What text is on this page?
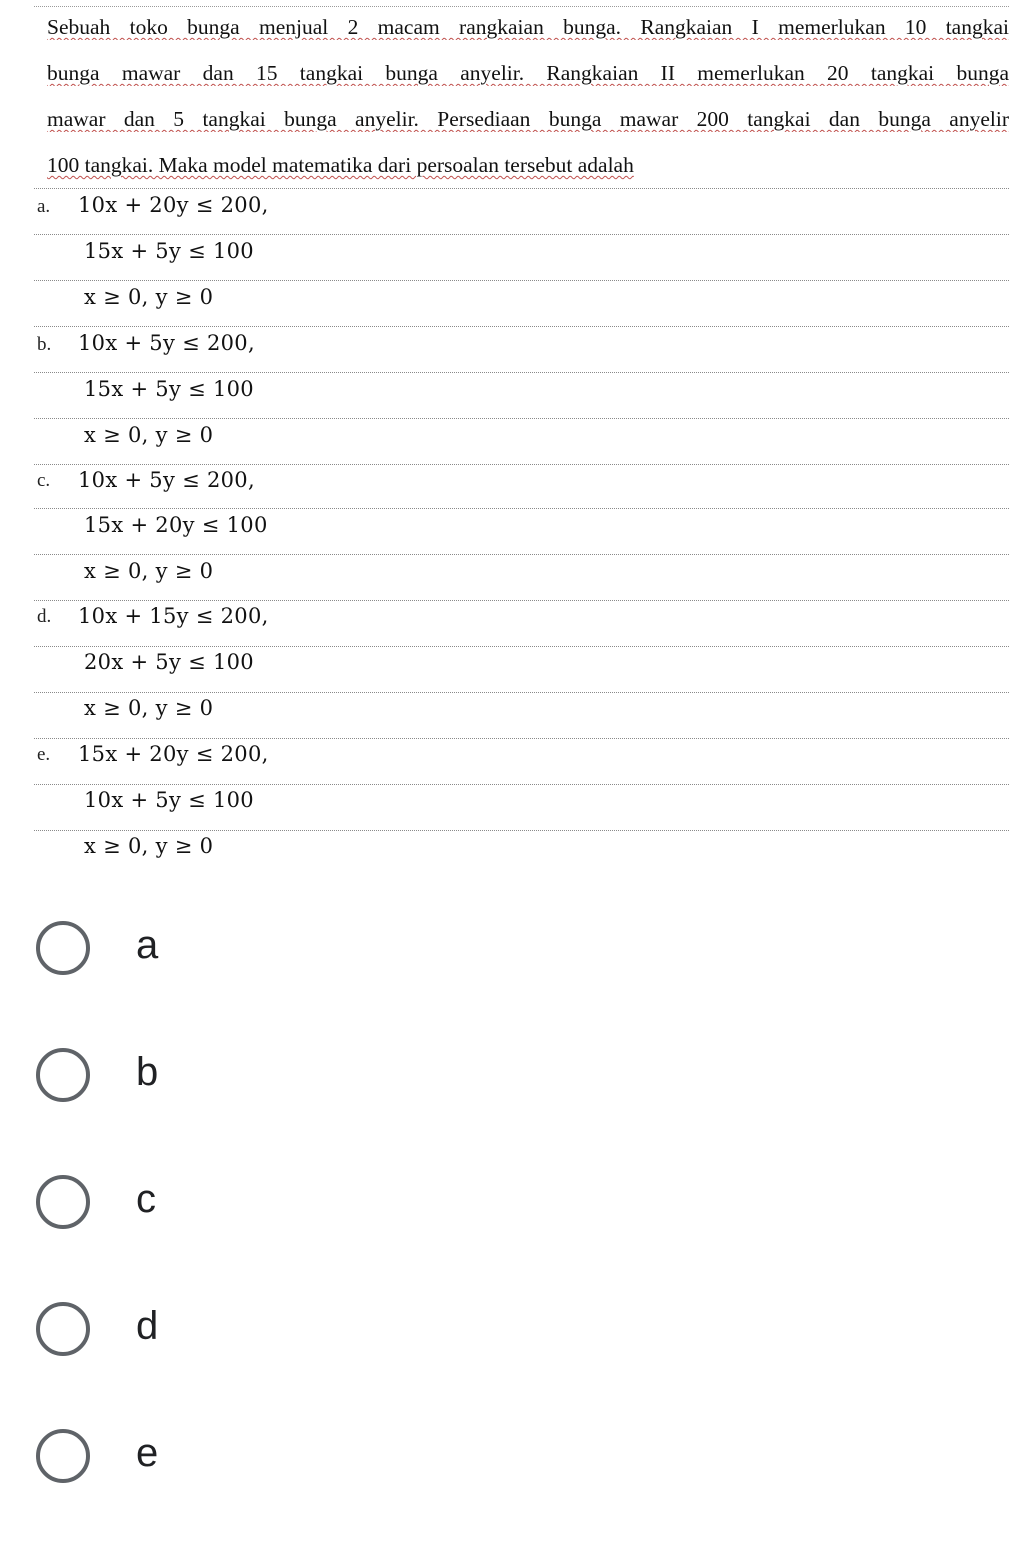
Sebuah toko bunga menjual 2 macam rangkaian bunga. Rangkaian I memerlukan 10 tangkai
bunga mawar dan 15 tangkai bunga anyelir. Rangkaian II memerlukan 20 tangkai bunga
mawar dan 5 tangkai bunga anyelir. Persediaan bunga mawar 200 tangkai dan bunga anyelir
100 tangkai. Maka model matematika dari persoalan tersebut adalah
a. 10x + 20y ≤ 200,
15x + 5y ≤ 100
x ≥ 0, y ≥ 0
b. 10x + 5y ≤ 200,
15x + 5y ≤ 100
x ≥ 0, y ≥ 0
c. 10x + 5y ≤ 200,
15x + 20y ≤ 100
x ≥ 0, y ≥ 0
d. 10x + 15y ≤ 200,
20x + 5y ≤ 100
x ≥ 0, y ≥ 0
e. 15x + 20y ≤ 200,
10x + 5y ≤ 100
x ≥ 0, y ≥ 0
a
b
c
d
e
